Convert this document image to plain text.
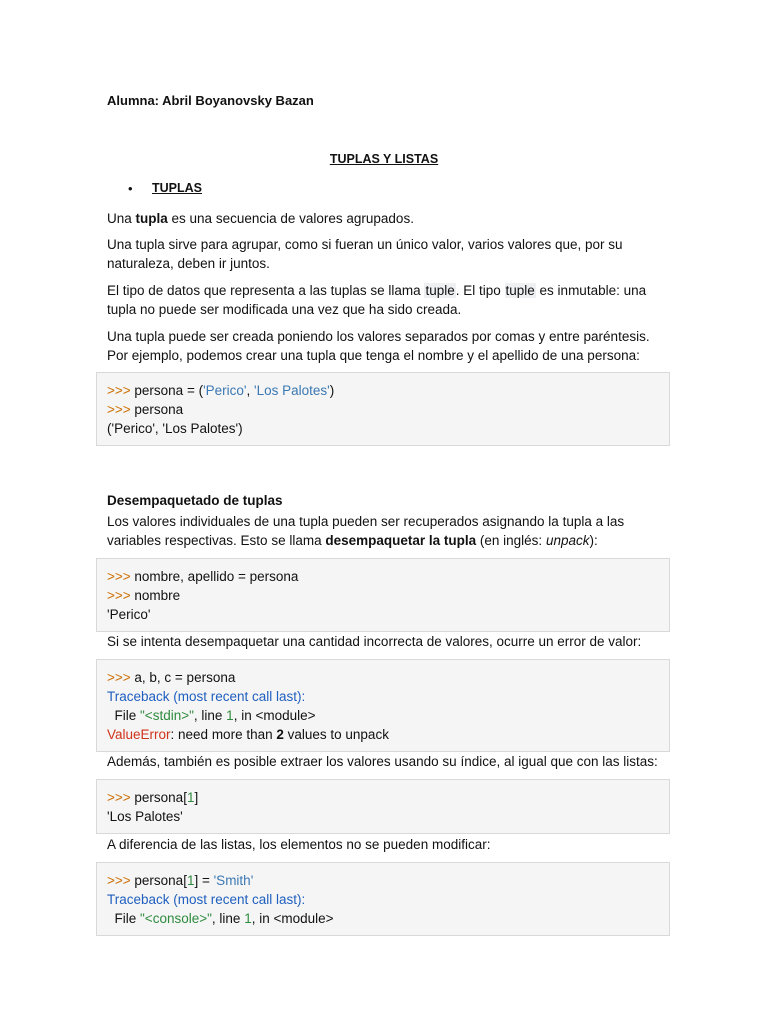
Alumna: Abril Boyanovsky Bazan
TUPLAS Y LISTAS
• TUPLAS

Una tupla es una secuencia de valores agrupados.

Una tupla sirve para agrupar, como si fueran un único valor, varios valores que, por su
naturaleza, deben ir juntos.

El tipo de datos que representa a las tuplas se llama tuple. El tipo tuple es inmutable: una
tupla no puede ser modificada una vez que ha sido creada.

Una tupla puede ser creada poniendo los valores separados por comas y entre paréntesis.
Por ejemplo, podemos crear una tupla que tenga el nombre y el apellido de una persona:

>>> persona = ('Perico', 'Los Palotes')
>>> persona
('Perico', 'Los Palotes')
Desempaquetado de tuplas

Los valores individuales de una tupla pueden ser recuperados asignando la tupla a las
variables respectivas. Esto se llama desempaquetar la tupla (en inglés: unpack):

>>> nombre, apellido = persona
>>> nombre
'Perico'

Si se intenta desempaquetar una cantidad incorrecta de valores, ocurre un error de valor:

>>> a, b, c = persona
Traceback (most recent call last):
File "<stdin>", line 1, in <module>
ValueError: need more than 2 values to unpack

Además, también es posible extraer los valores usando su índice, al igual que con las listas:

>>> persona[1]
'Los Palotes'

A diferencia de las listas, los elementos no se pueden modificar:

>>> persona[1] = 'Smith'
Traceback (most recent call last):
File "<console>", line 1, in <module>
